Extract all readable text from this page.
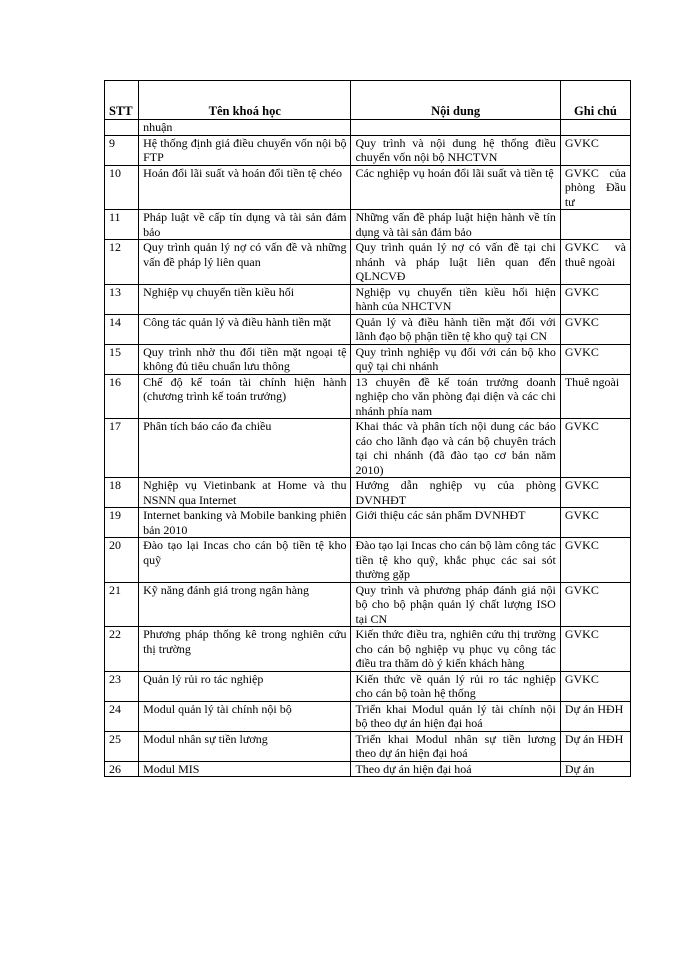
STT	Tên khoá học	Nội dung	Ghi chú
	nhuận		
9	Hệ thống định giá điều chuyển vốn nội bộ FTP	Quy trình và nội dung hệ thống điều chuyển vốn nội bộ NHCTVN	GVKC
10	Hoán đổi lãi suất và hoán đổi tiền tệ chéo	Các nghiệp vụ hoán đổi lãi suất và tiền tệ	GVKC của phòng Đầu tư
11	Pháp luật về cấp tín dụng và tài sản đảm bảo	Những vấn đề pháp luật hiện hành về tín dụng và tài sản đảm bảo	
12	Quy trình quản lý nợ có vấn đề và những vấn đề pháp lý liên quan	Quy trình quản lý nợ có vấn đề tại chi nhánh và pháp luật liên quan đến QLNCVĐ	GVKC và thuê ngoài
13	Nghiệp vụ chuyển tiền kiều hối	Nghiệp vụ chuyển tiền kiều hối hiện hành của NHCTVN	GVKC
14	Công tác quản lý và điều hành tiền mặt	Quản lý và điều hành tiền mặt đối với lãnh đạo bộ phận tiền tệ kho quỹ tại CN	GVKC
15	Quy trình nhờ thu đổi tiền mặt ngoại tệ không đủ tiêu chuẩn lưu thông	Quy trình nghiệp vụ đối với cán bộ kho quỹ tại chi nhánh	GVKC
16	Chế độ kế toán tài chính hiện hành (chương trình kế toán trưởng)	13 chuyên đề kế toán trưởng doanh nghiệp cho văn phòng đại diện và các chi nhánh phía nam	Thuê ngoài
17	Phân tích báo cáo đa chiều	Khai thác và phân tích nội dung các báo cáo cho lãnh đạo và cán bộ chuyên trách tại chi nhánh (đã đào tạo cơ bản năm 2010)	GVKC
18	Nghiệp vụ Vietinbank at Home và thu NSNN qua Internet	Hướng dẫn nghiệp vụ của phòng DVNHĐT	GVKC
19	Internet banking và Mobile banking phiên bản 2010	Giới thiệu các sản phẩm DVNHĐT	GVKC
20	Đào tạo lại Incas cho cán bộ tiền tệ kho quỹ	Đào tạo lại Incas cho cán bộ làm công tác tiền tệ kho quỹ, khắc phục các sai sót thường gặp	GVKC
21	Kỹ năng đánh giá trong ngân hàng	Quy trình và phương pháp đánh giá nội bộ cho bộ phận quản lý chất lượng ISO tại CN	GVKC
22	Phương pháp thống kê trong nghiên cứu thị trường	Kiến thức điều tra, nghiên cứu thị trường cho cán bộ nghiệp vụ phục vụ công tác điều tra thăm dò ý kiến khách hàng	GVKC
23	Quản lý rủi ro tác nghiệp	Kiến thức về quản lý rủi ro tác nghiệp cho cán bộ toàn hệ thống	GVKC
24	Modul quản lý tài chính nội bộ	Triển khai Modul quản lý tài chính nội bộ theo dự án hiện đại hoá	Dự án HĐH
25	Modul nhân sự tiền lương	Triển khai Modul nhân sự tiền lương theo dự án hiện đại hoá	Dự án HĐH
26	Modul MIS	Theo dự án hiện đại hoá	Dự án
